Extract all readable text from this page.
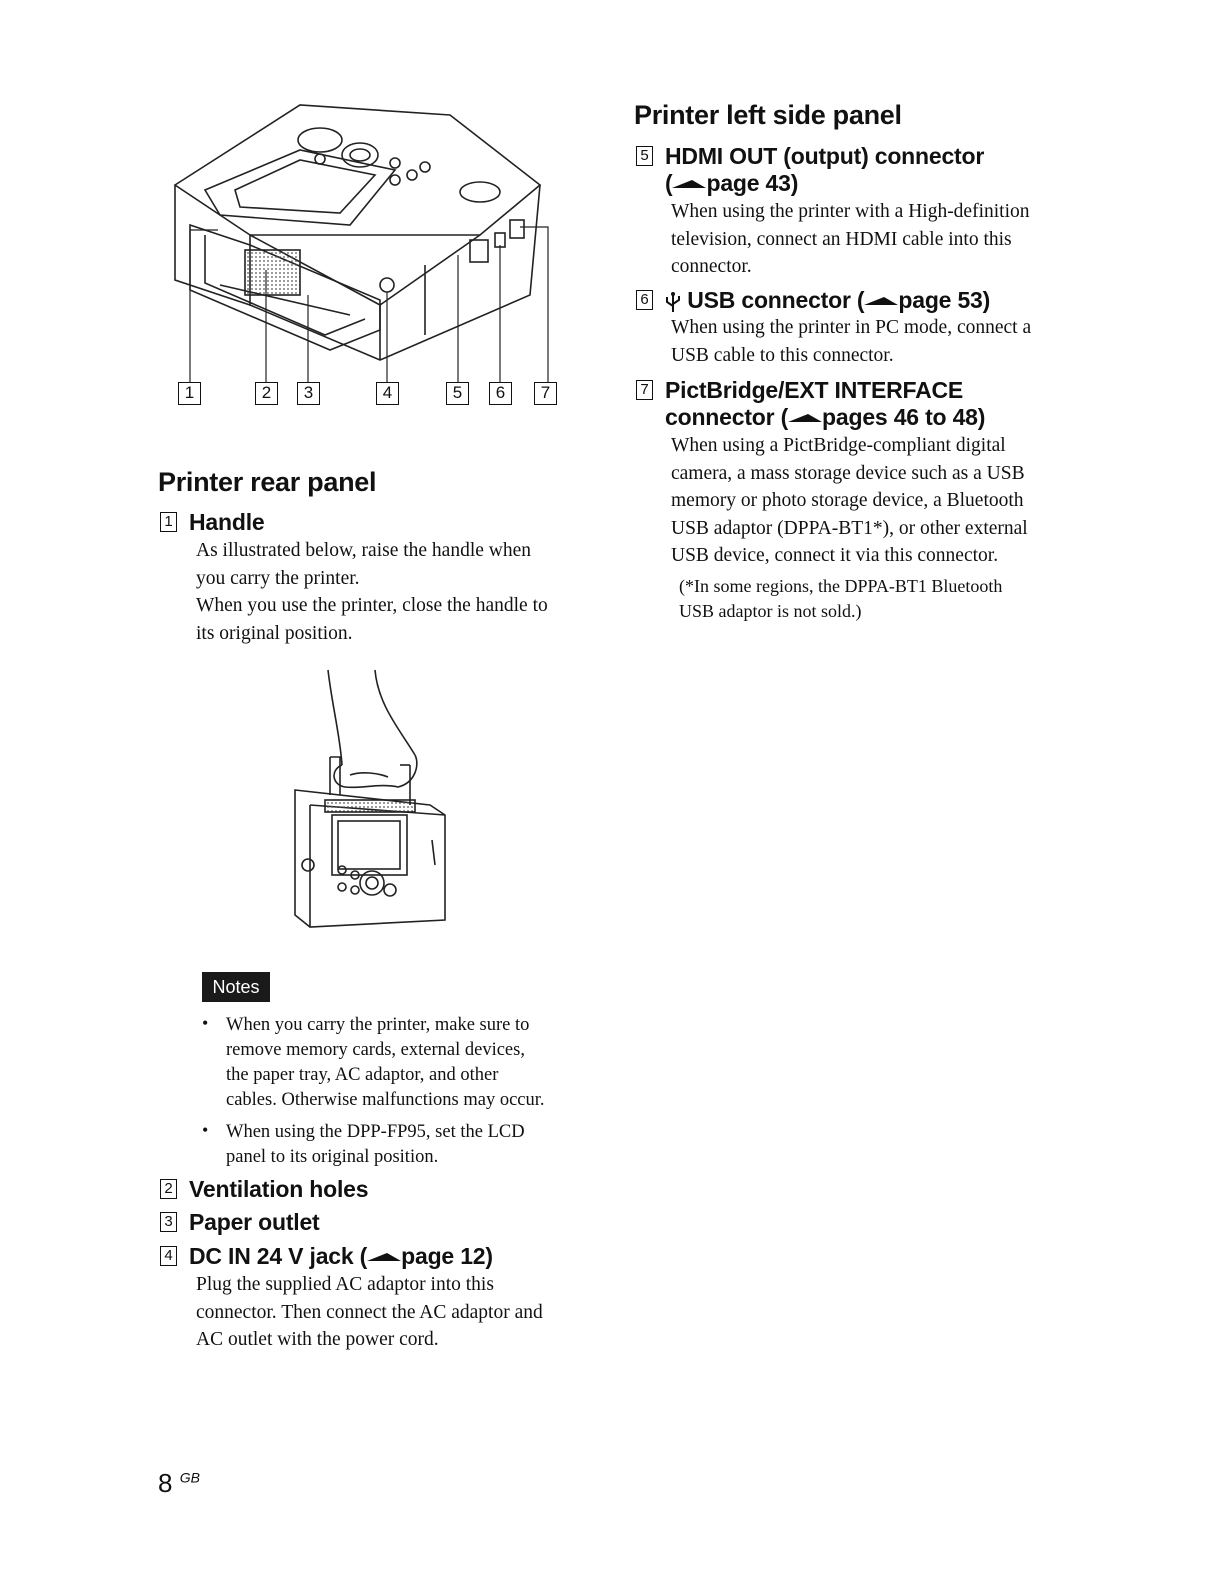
1	2	3	4	5	6	7
Printer rear panel
1 Handle
As illustrated below, raise the handle when
you carry the printer.
When you use the printer, close the handle to
its original position.
Notes
• When you carry the printer, make sure to
remove memory cards, external devices,
the paper tray, AC adaptor, and other
cables. Otherwise malfunctions may occur.
• When using the DPP-FP95, set the LCD
panel to its original position.
2 Ventilation holes
3 Paper outlet
4 DC IN 24 V jack ( page 12)
Plug the supplied AC adaptor into this
connector. Then connect the AC adaptor and
AC outlet with the power cord.
Printer left side panel
5 HDMI OUT (output) connector
( page 43)
When using the printer with a High-definition
television, connect an HDMI cable into this
connector.
6	USB connector ( page 53)
When using the printer in PC mode, connect a
USB cable to this connector.
7 PictBridge/EXT INTERFACE
connector ( pages 46 to 48)
When using a PictBridge-compliant digital
camera, a mass storage device such as a USB
memory or photo storage device, a Bluetooth
USB adaptor (DPPA-BT1*), or other external
USB device, connect it via this connector.
(*In some regions, the DPPA-BT1 Bluetooth
USB adaptor is not sold.)
8 $^{GB}$
